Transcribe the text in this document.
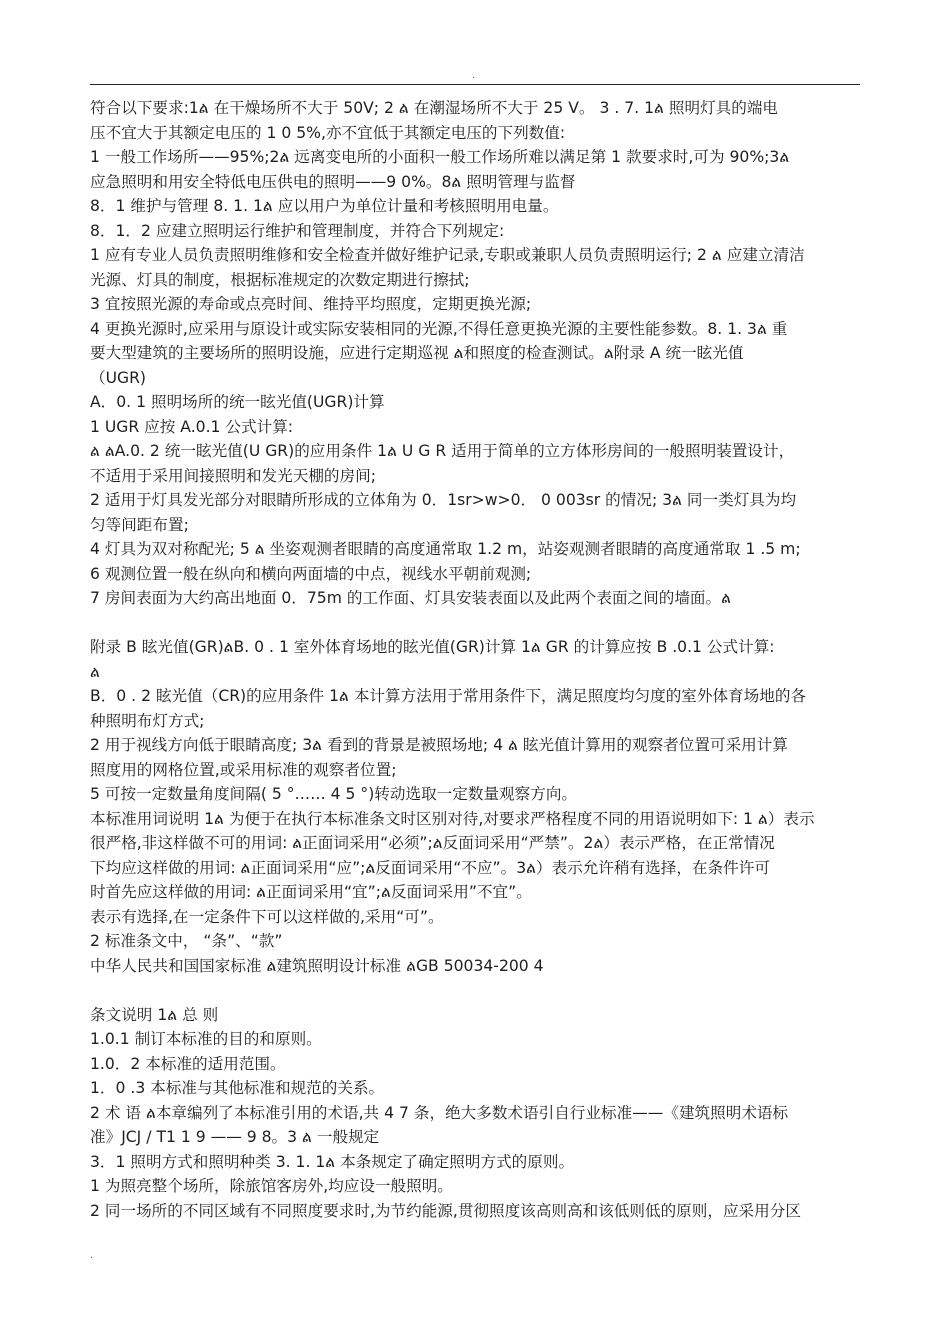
.
符合以下要求:1ል 在干燥场所不大于 50V; 2 ል 在潮湿场所不大于 25 V。 3 . 7. 1ል 照明灯具的端电
压不宜大于其额定电压的 1 0 5%,亦不宜低于其额定电压的下列数值:
1 一般工作场所——95%;2ል 远离变电所的小面积一般工作场所难以满足第 1 款要求时,可为 90%;3ል
应急照明和用安全特低电压供电的照明——9 0%。8ል 照明管理与监督
8．1 维护与管理 8. 1. 1ል 应以用户为单位计量和考核照明用电量。
8．1．2 应建立照明运行维护和管理制度，并符合下列规定:
1 应有专业人员负责照明维修和安全检查并做好维护记录,专职或兼职人员负责照明运行; 2 ል 应建立清洁
光源、灯具的制度，根据标准规定的次数定期进行擦拭;
3 宜按照光源的寿命或点亮时间、维持平均照度，定期更换光源;
4 更换光源时,应采用与原设计或实际安装相同的光源,不得任意更换光源的主要性能参数。8. 1. 3ል 重
要大型建筑的主要场所的照明设施，应进行定期巡视 ል和照度的检查测试。ል附录 A 统一眩光值
（UGR)
A．0. 1 照明场所的统一眩光值(UGR)计算
1 UGR 应按 A.0.1 公式计算:
ል ልA.0. 2 统一眩光值(U GR)的应用条件 1ል U G R 适用于简单的立方体形房间的一般照明装置设计，
不适用于采用间接照明和发光天棚的房间;
2 适用于灯具发光部分对眼睛所形成的立体角为 0．1sr>w>0． 0 003sr 的情况; 3ል 同一类灯具为均
匀等间距布置;
4 灯具为双对称配光; 5 ል 坐姿观测者眼睛的高度通常取 1.2 m，站姿观测者眼睛的高度通常取 1 .5 m;
6 观测位置一般在纵向和横向两面墙的中点，视线水平朝前观测;
7 房间表面为大约高出地面 0．75m 的工作面、灯具安装表面以及此两个表面之间的墙面。ል
附录 B 眩光值(GR)ልB. 0 . 1 室外体育场地的眩光值(GR)计算 1ል GR 的计算应按 B .0.1 公式计算:
ል
B．0 . 2 眩光值（CR)的应用条件 1ል 本计算方法用于常用条件下，满足照度均匀度的室外体育场地的各
种照明布灯方式;
2 用于视线方向低于眼睛高度; 3ል 看到的背景是被照场地; 4 ል 眩光值计算用的观察者位置可采用计算
照度用的网格位置,或采用标准的观察者位置;
5 可按一定数量角度间隔( 5 °…… 4 5 °)转动选取一定数量观察方向。
本标准用词说明 1ል 为便于在执行本标准条文时区别对待,对要求严格程度不同的用语说明如下: 1 ል）表示
很严格,非这样做不可的用词: ል正面词采用“必须”;ል反面词采用“严禁”。2ል）表示严格，在正常情况
下均应这样做的用词: ል正面词采用“应”;ል反面词采用“不应”。3ል）表示允许稍有选择，在条件许可
时首先应这样做的用词: ል正面词采用“宜”;ል反面词采用”不宜”。
表示有选择,在一定条件下可以这样做的,采用“可”。
2 标准条文中， “条”、“款”
中华人民共和国国家标准 ል建筑照明设计标准 ልGB 50034-200 4
条文说明 1ል 总 则
1.0.1 制订本标准的目的和原则。
1.0．2 本标准的适用范围。
1．0 .3 本标准与其他标准和规范的关系。
2 术 语 ል本章编列了本标准引用的术语,共 4 7 条，绝大多数术语引自行业标准——《建筑照明术语标
准》JCJ / T1 1 9 —— 9 8。3 ል 一般规定
3．1 照明方式和照明种类 3. 1. 1ል 本条规定了确定照明方式的原则。
1 为照亮整个场所，除旅馆客房外,均应设一般照明。
2 同一场所的不同区域有不同照度要求时,为节约能源,贯彻照度该高则高和该低则低的原则，应采用分区
.
